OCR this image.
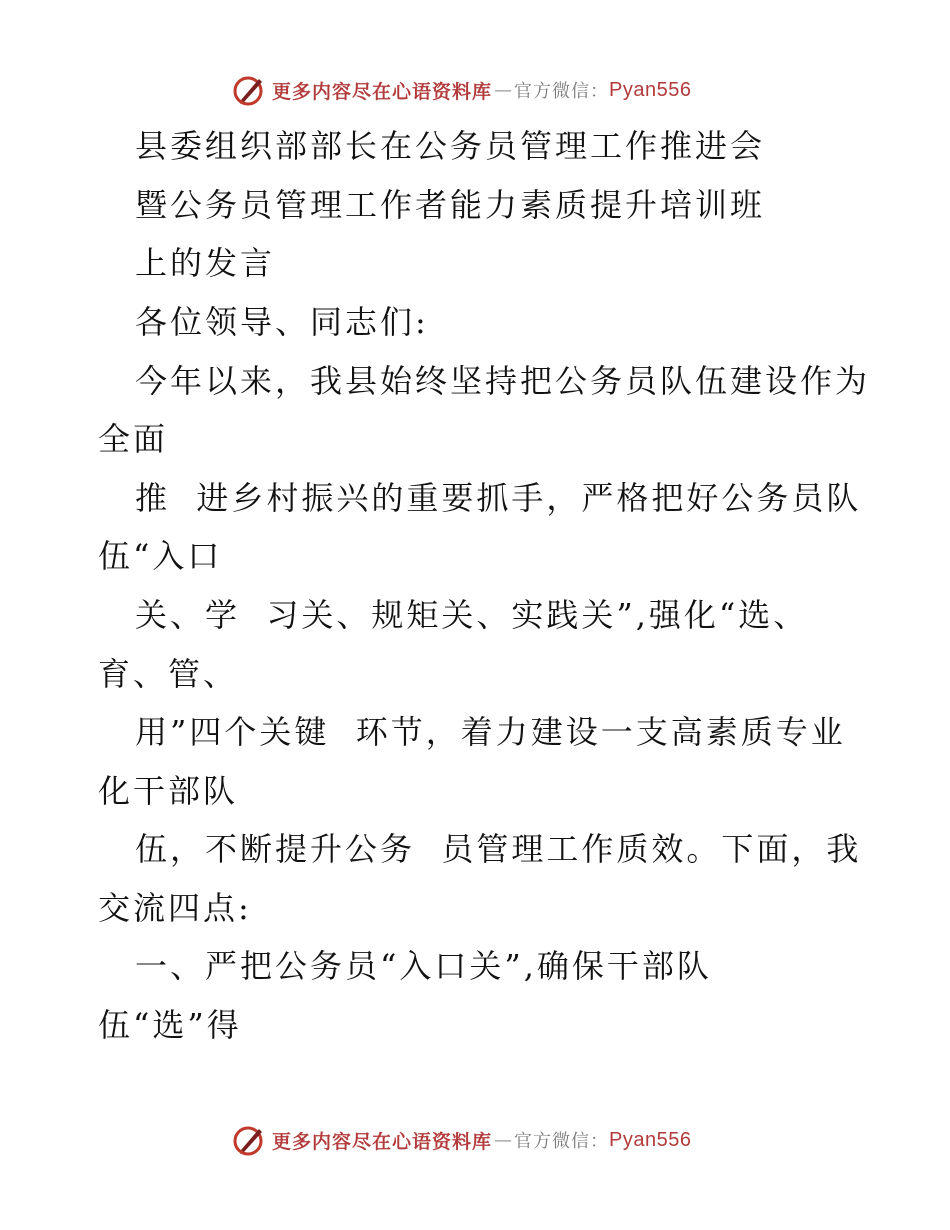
更多内容尽在心语资料库 — 官方微信： Pyan556
县委组织部部长在公务员管理工作推进会
暨公务员管理工作者能力素质提升培训班
上的发言
各位领导、同志们:
今年以来，我县始终坚持把公务员队伍建设作为
全面
推  进乡村振兴的重要抓手，严格把好公务员队
伍“入口
关、学  习关、规矩关、实践关”,强化“选、
育、管、
用”四个关键  环节，着力建设一支高素质专业
化干部队
伍，不断提升公务  员管理工作质效。下面，我
交流四点:
一、严把公务员“入口关”,确保干部队
伍“选”得
更多内容尽在心语资料库 — 官方微信： Pyan556
